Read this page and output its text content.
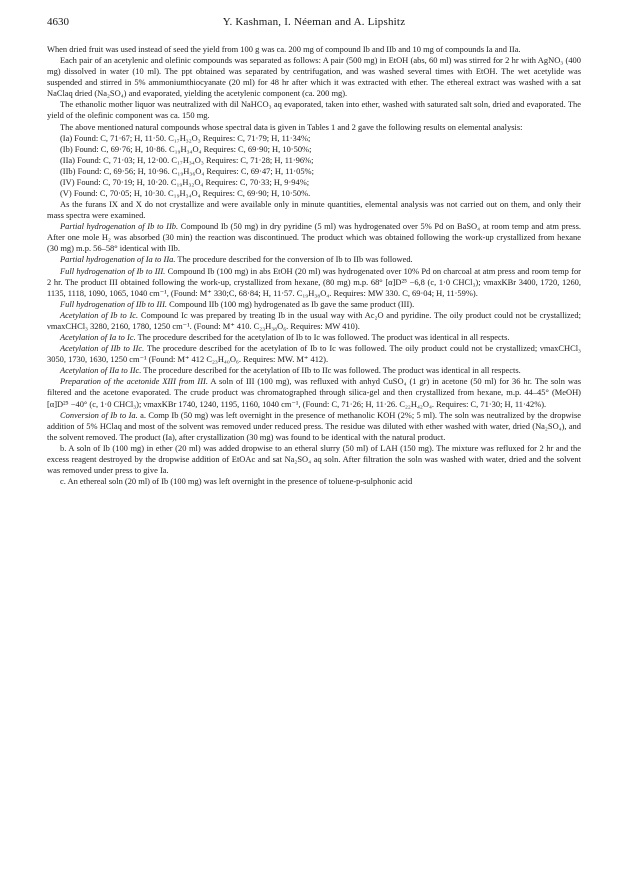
4630	Y. Kashman, I. Néeman and A. Lipshitz

When dried fruit was used instead of seed the yield from 100 g was ca. 200 mg of compound Ib and IIb and 10 mg of compounds Ia and IIa.

Each pair of an acetylenic and olefinic compounds was separated as follows: A pair (500 mg) in EtOH (abs, 60 ml) was stirred for 2 hr with AgNO₃ (400 mg) dissolved in water (10 ml). The ppt obtained was separated by centrifugation, and was washed several times with EtOH. The wet acetylide was suspended and stirred in 5% ammoniumthiocyanate (20 ml) for 48 hr after which it was extracted with ether. The ethereal extract was washed with a sat NaClaq dried (Na₂SO₄) and evaporated, yielding the acetylenic component (ca. 200 mg).

The ethanolic mother liquor was neutralized with dil NaHCO₃ aq evaporated, taken into ether, washed with saturated salt soln, dried and evaporated. The yield of the olefinic component was ca. 150 mg.

The above mentioned natural compounds whose spectral data is given in Tables 1 and 2 gave the following results on elemental analysis:

(Ia) Found: C, 71·67; H, 11·50. C₁₇H₃₂O₃ Requires: C, 71·79; H, 11·34%;

(Ib) Found: C, 69·76; H, 10·86. C₁₉H₃₄O₄ Requires: C, 69·90; H, 10·50%;

(IIa) Found: C, 71·03; H, 12·00. C₁₇H₃₄O₃ Requires: C, 71·28; H, 11·96%;

(IIb) Found: C, 69·56; H, 10·96. C₁₉H₃₆O₄ Requires: C, 69·47; H, 11·05%;

(IV) Found: C, 70·19; H, 10·20. C₁₉H₃₂O₄ Requires: C, 70·33; H, 9·94%;

(V) Found: C, 70·05; H, 10·30. C₁₉H₃₄O₄ Requires: C, 69·90; H, 10·50%.

As the furans IX and X do not crystallize and were available only in minute quantities, elemental analysis was not carried out on them, and only their mass spectra were examined.

Partial hydrogenation of Ib to IIb. Compound Ib (50 mg) in dry pyridine (5 ml) was hydrogenated over 5% Pd on BaSO₄ at room temp and atm press. After one mole H₂ was absorbed (30 min) the reaction was discontinued. The product which was obtained following the work-up crystallized from hexane (30 mg) m.p. 56–58° identical with IIb.

Partial hydrogenation of Ia to IIa. The procedure described for the conversion of Ib to IIb was followed.

Full hydrogenation of Ib to III. Compound Ib (100 mg) in abs EtOH (20 ml) was hydrogenated over 10% Pd on charcoal at atm press and room temp for 2 hr. The product III obtained following the work-up, crystallized from hexane, (80 mg) m.p. 68° [α]D²⁵ −6,8 (c, 1·0 CHCl₃); νmaxKBr 3400, 1720, 1260, 1135, 1118, 1090, 1065, 1040 cm⁻¹, (Found: M⁺ 330;C, 68·84; H, 11·57. C₁₉H₃₈O₄. Requires: MW 330. C, 69·04; H, 11·59%).

Full hydrogenation of IIb to III. Compound IIb (100 mg) hydrogenated as Ib gave the same product (III).

Acetylation of Ib to Ic. Compound Ic was prepared by treating Ib in the usual way with Ac₂O and pyridine. The oily product could not be crystallized; νmaxCHCl₃ 3280, 2160, 1780, 1250 cm⁻¹. (Found: M⁺ 410. C₂₃H₃₈O₆. Requires: MW 410).

Acetylation of Ia to Ic. The procedure described for the acetylation of Ib to Ic was followed. The product was identical in all respects.

Acetylation of IIb to IIc. The procedure described for the acetylation of Ib to Ic was followed. The oily product could not be crystallized; νmaxCHCl₃ 3050, 1730, 1630, 1250 cm⁻¹ (Found: M⁺ 412 C₂₃H₄₀O₆. Requires: MW. M⁺ 412).

Acetylation of IIa to IIc. The procedure described for the acetylation of IIb to IIc was followed. The product was identical in all respects.

Preparation of the acetonide XIII from III. A soln of III (100 mg), was refluxed with anhyd CuSO₄ (1 gr) in acetone (50 ml) for 36 hr. The soln was filtered and the acetone evaporated. The crude product was chromatographed through silica-gel and then crystallized from hexane, m.p. 44–45° (MeOH) [α]D²⁵ −40° (c, 1·0 CHCl₃); νmaxKBr 1740, 1240, 1195, 1160, 1040 cm⁻¹, (Found: C, 71·26; H, 11·26. C₂₂H₄₂O₄. Requires: C, 71·30; H, 11·42%).

Conversion of Ib to Ia. a. Comp Ib (50 mg) was left overnight in the presence of methanolic KOH (2%; 5 ml). The soln was neutralized by the dropwise addition of 5% HClaq and most of the solvent was removed under reduced press. The residue was diluted with ether washed with water, dried (Na₂SO₄), and the solvent removed. The product (Ia), after crystallization (30 mg) was found to be identical with the natural product.

b. A soln of Ib (100 mg) in ether (20 ml) was added dropwise to an etheral slurry (50 ml) of LAH (150 mg). The mixture was refluxed for 2 hr and the excess reagent destroyed by the dropwise addition of EtOAc and sat Na₂SO₄ aq soln. After filtration the soln was washed with water, dried and the solvent was removed under press to give Ia.

c. An ethereal soln (20 ml) of Ib (100 mg) was left overnight in the presence of toluene-p-sulphonic acid
